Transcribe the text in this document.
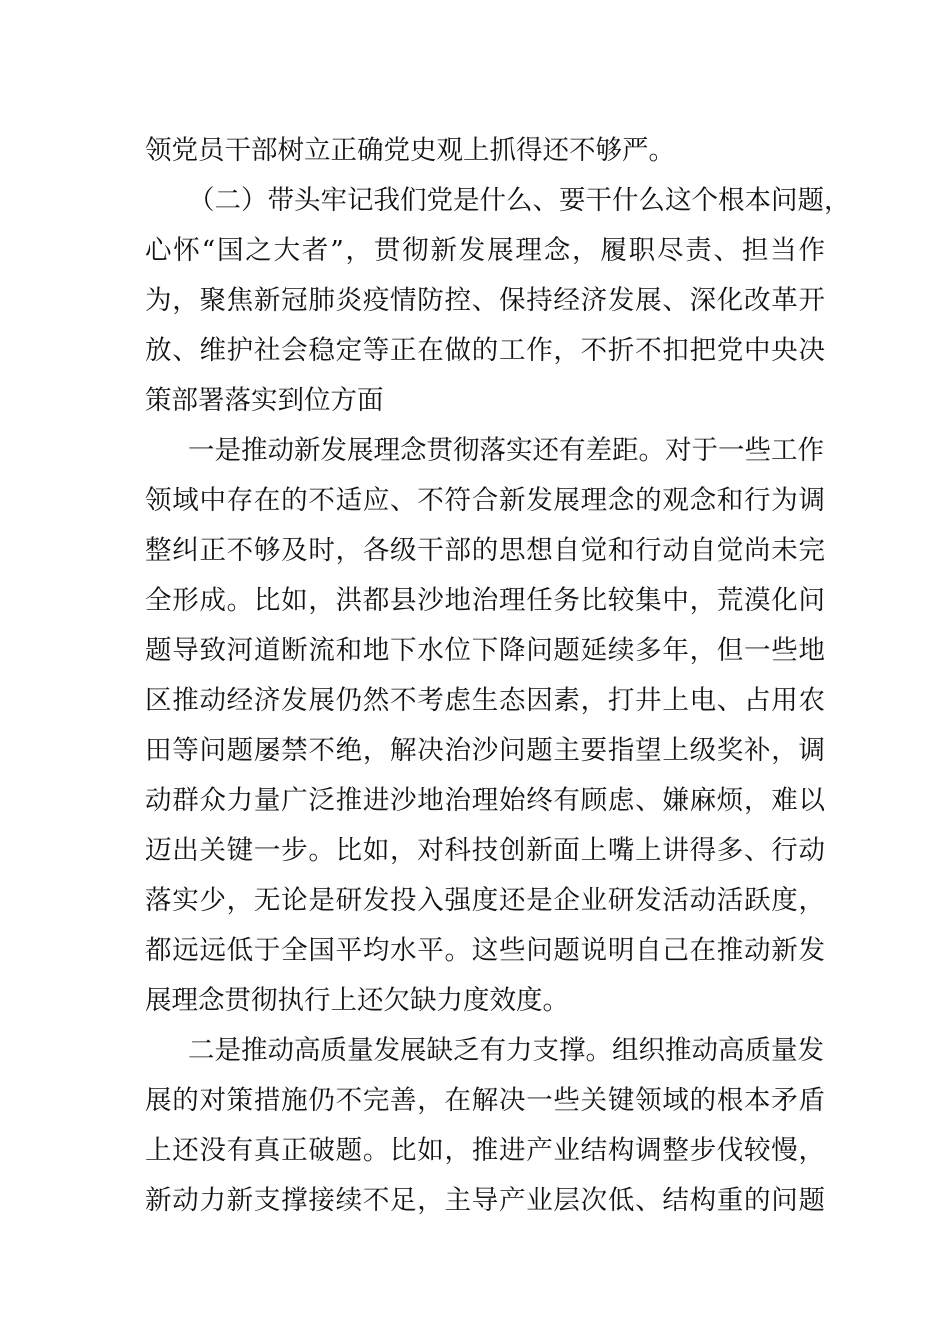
领党员干部树立正确党史观上抓得还不够严。
（二）带头牢记我们党是什么、要干什么这个根本问题，
心怀“国之大者”，贯彻新发展理念，履职尽责、担当作
为，聚焦新冠肺炎疫情防控、保持经济发展、深化改革开
放、维护社会稳定等正在做的工作，不折不扣把党中央决
策部署落实到位方面
一是推动新发展理念贯彻落实还有差距。对于一些工作
领域中存在的不适应、不符合新发展理念的观念和行为调
整纠正不够及时，各级干部的思想自觉和行动自觉尚未完
全形成。比如，洪都县沙地治理任务比较集中，荒漠化问
题导致河道断流和地下水位下降问题延续多年，但一些地
区推动经济发展仍然不考虑生态因素，打井上电、占用农
田等问题屡禁不绝，解决治沙问题主要指望上级奖补，调
动群众力量广泛推进沙地治理始终有顾虑、嫌麻烦，难以
迈出关键一步。比如，对科技创新面上嘴上讲得多、行动
落实少，无论是研发投入强度还是企业研发活动活跃度，
都远远低于全国平均水平。这些问题说明自己在推动新发
展理念贯彻执行上还欠缺力度效度。
二是推动高质量发展缺乏有力支撑。组织推动高质量发
展的对策措施仍不完善，在解决一些关键领域的根本矛盾
上还没有真正破题。比如，推进产业结构调整步伐较慢，
新动力新支撑接续不足，主导产业层次低、结构重的问题
